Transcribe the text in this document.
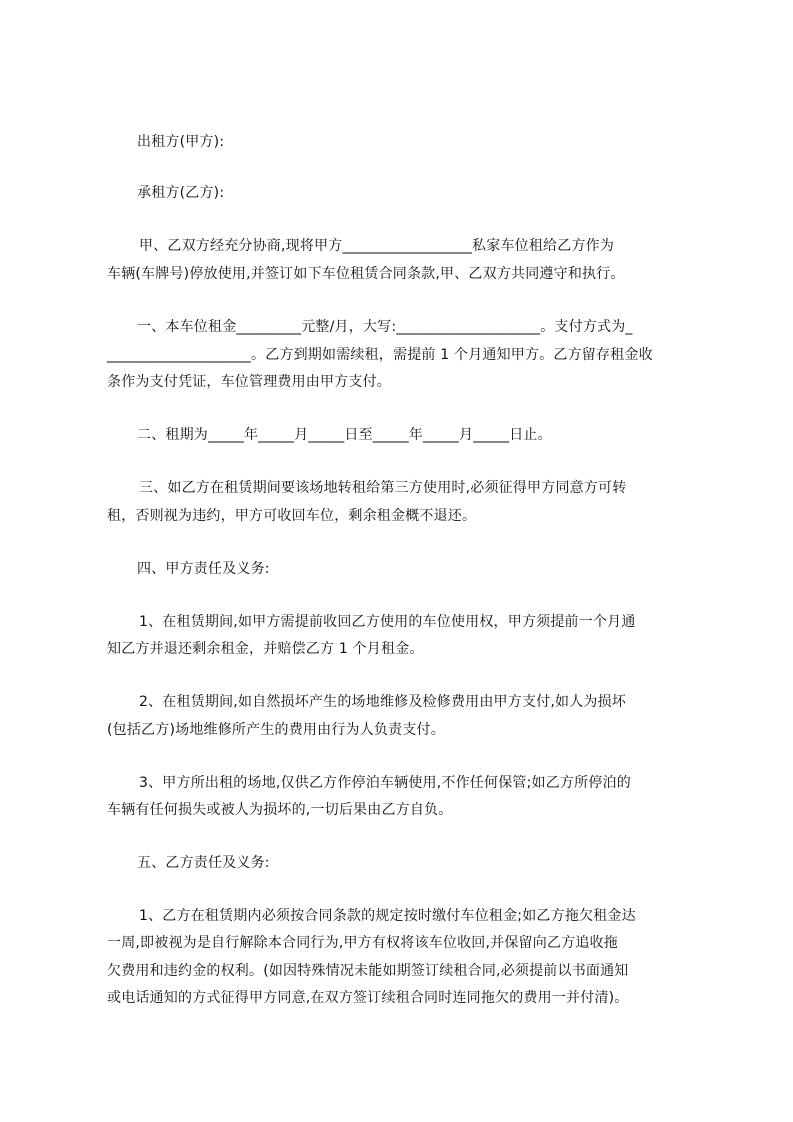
出租方(甲方):
承租方(乙方):
甲、乙双方经充分协商,现将甲方__________________私家车位租给乙方作为
车辆(车牌号)停放使用,并签订如下车位租赁合同条款,甲、乙双方共同遵守和执行。
一、本车位租金_________元整/月，大写:____________________。支付方式为_
____________________。乙方到期如需续租，需提前 1 个月通知甲方。乙方留存租金收
条作为支付凭证，车位管理费用由甲方支付。
二、租期为_____年_____月_____日至_____年_____月_____日止。
三、如乙方在租赁期间要该场地转租给第三方使用时,必须征得甲方同意方可转
租，否则视为违约，甲方可收回车位，剩余租金概不退还。
四、甲方责任及义务:
1、在租赁期间,如甲方需提前收回乙方使用的车位使用权，甲方须提前一个月通
知乙方并退还剩余租金，并赔偿乙方 1 个月租金。
2、在租赁期间,如自然损坏产生的场地维修及检修费用由甲方支付,如人为损坏
(包括乙方)场地维修所产生的费用由行为人负责支付。
3、甲方所出租的场地,仅供乙方作停泊车辆使用,不作任何保管;如乙方所停泊的
车辆有任何损失或被人为损坏的,一切后果由乙方自负。
五、乙方责任及义务:
1、乙方在租赁期内必须按合同条款的规定按时缴付车位租金;如乙方拖欠租金达
一周,即被视为是自行解除本合同行为,甲方有权将该车位收回,并保留向乙方追收拖
欠费用和违约金的权利。(如因特殊情况未能如期签订续租合同,必须提前以书面通知
或电话通知的方式征得甲方同意,在双方签订续租合同时连同拖欠的费用一并付清)。
